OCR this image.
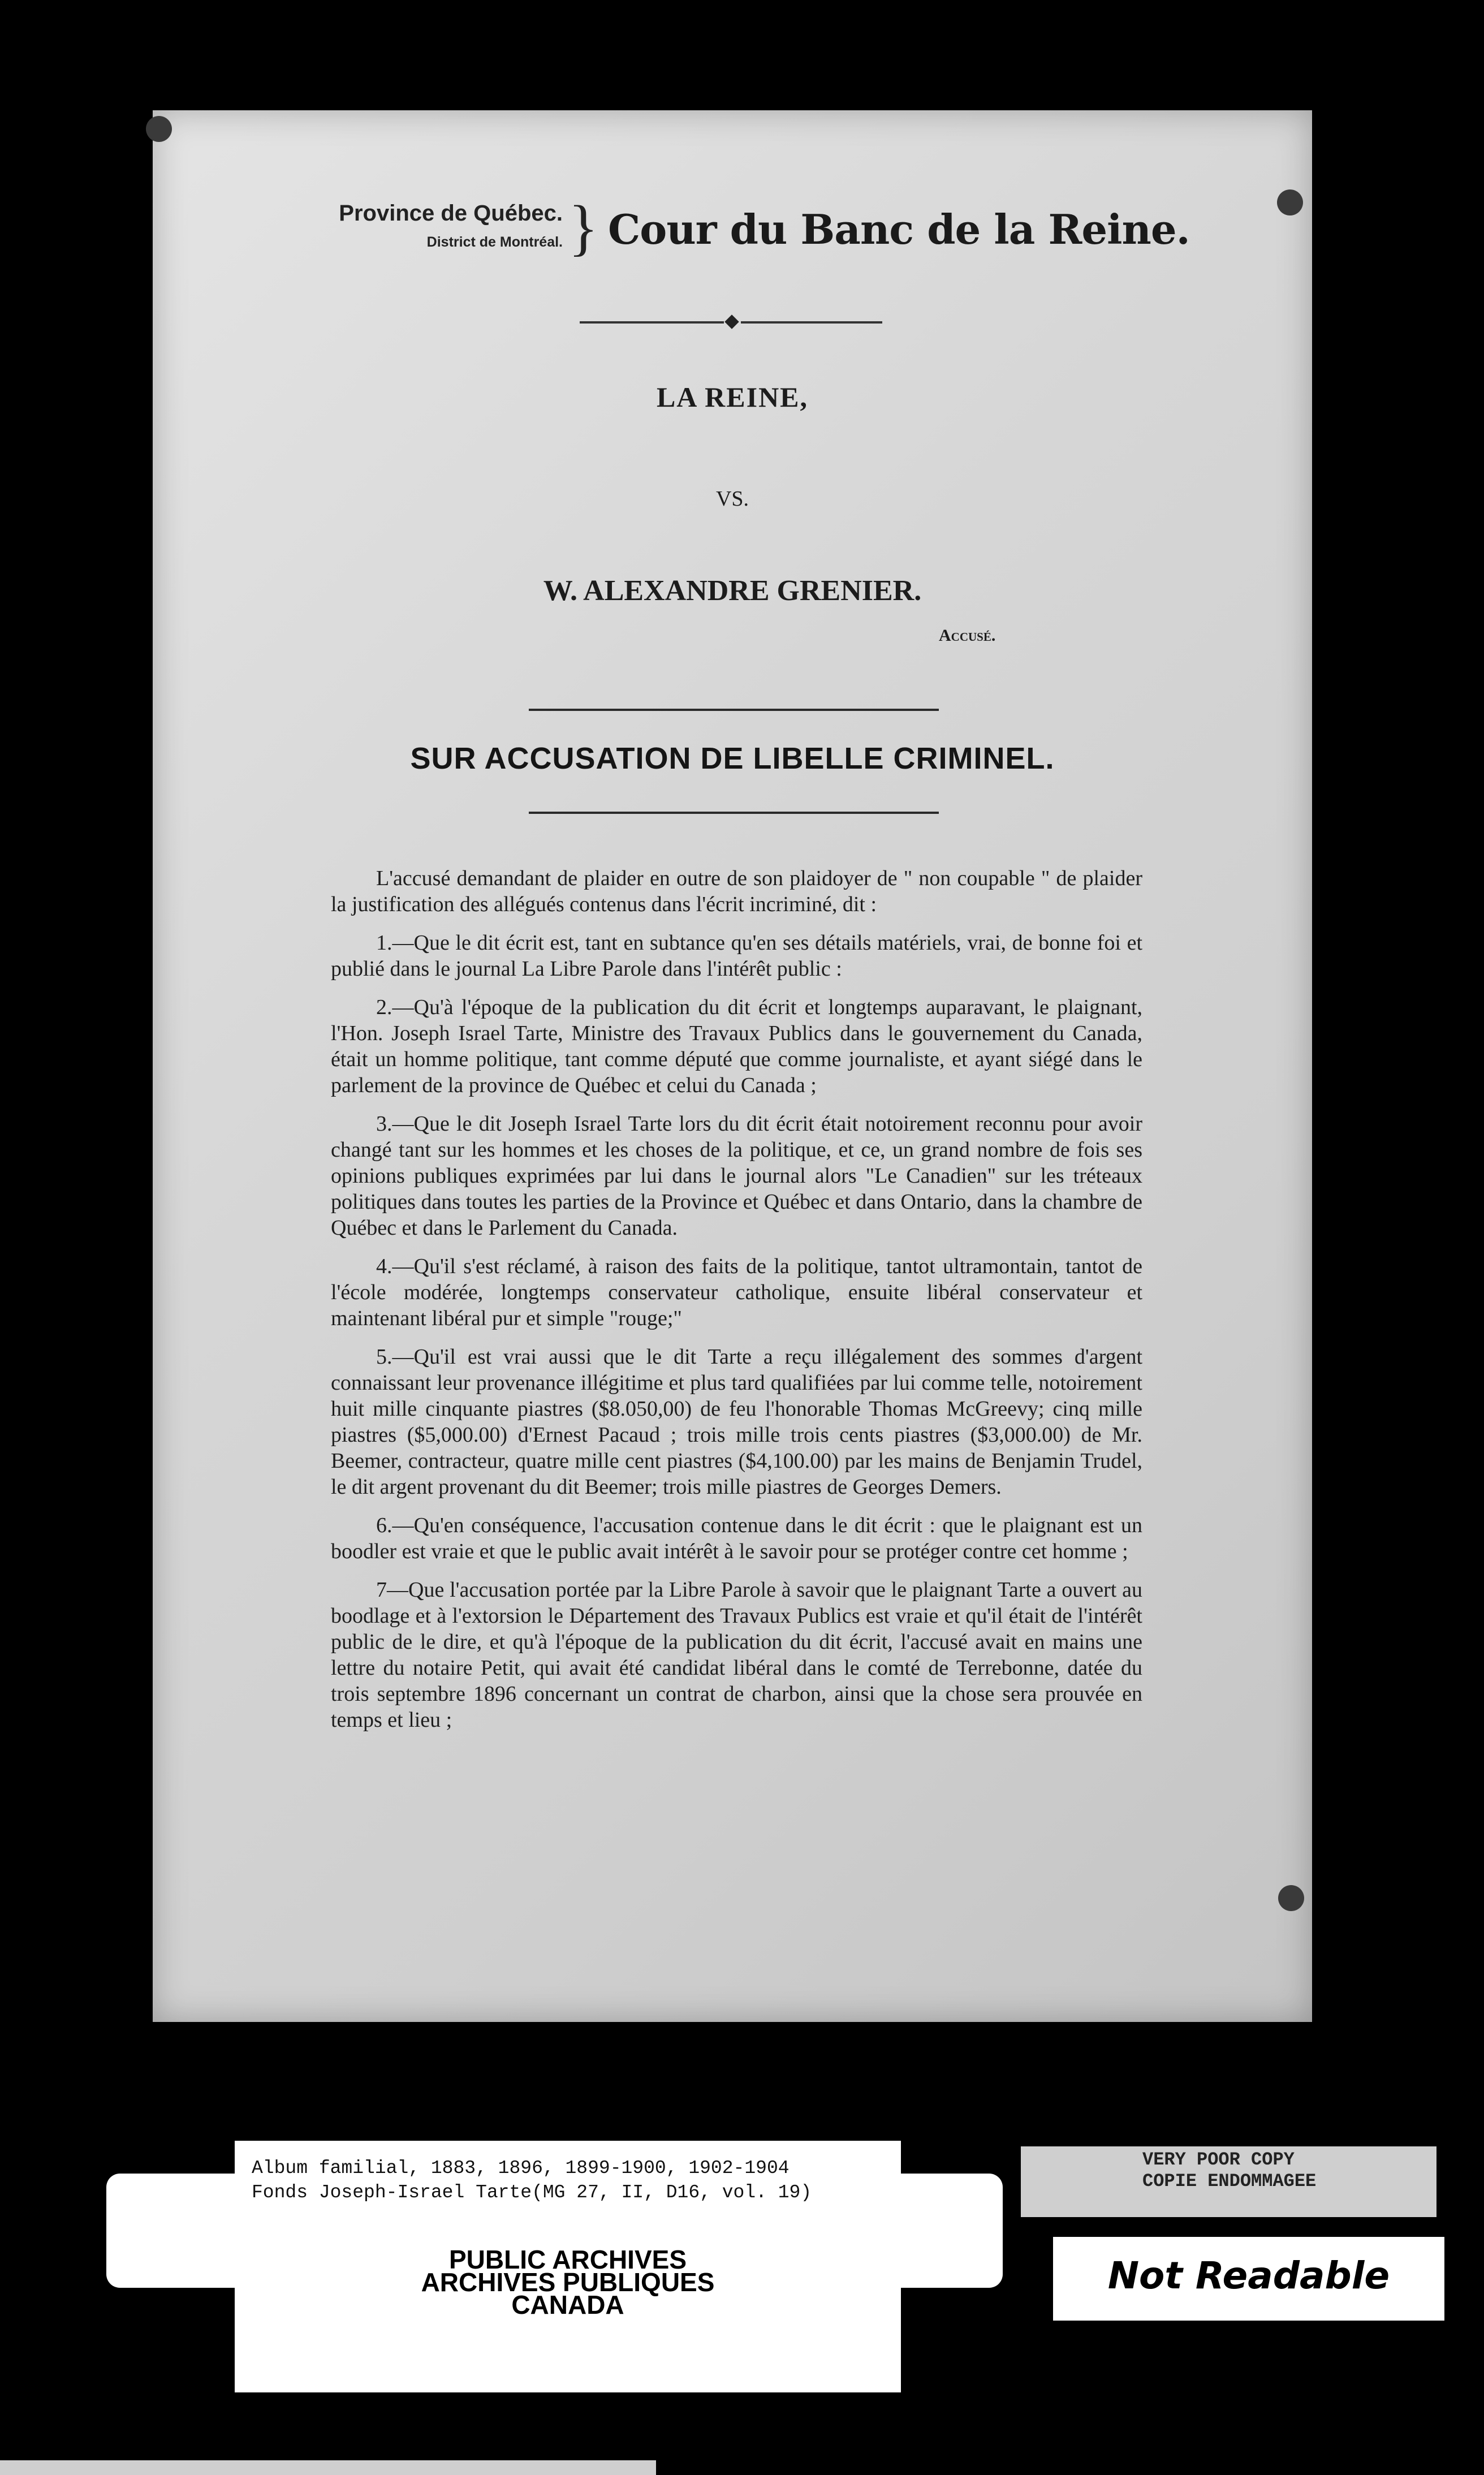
Province de Québec.
District de Montréal. } Cour du Banc de la Reine.
LA REINE,
VS.
W. ALEXANDRE GRENIER.
Accusé.
SUR ACCUSATION DE LIBELLE CRIMINEL.

L'accusé demandant de plaider en outre de son plaidoyer de " non coupable " de plaider la justification des allégués contenus dans l'écrit incriminé, dit :

1.—Que le dit écrit est, tant en subtance qu'en ses détails matériels, vrai, de bonne foi et publié dans le journal La Libre Parole dans l'intérêt public :

2.—Qu'à l'époque de la publication du dit écrit et longtemps auparavant, le plaignant, l'Hon. Joseph Israel Tarte, Ministre des Travaux Publics dans le gouvernement du Canada, était un homme politique, tant comme député que comme journaliste, et ayant siégé dans le parlement de la province de Québec et celui du Canada ;

3.—Que le dit Joseph Israel Tarte lors du dit écrit était notoirement reconnu pour avoir changé tant sur les hommes et les choses de la politique, et ce, un grand nombre de fois ses opinions publiques exprimées par lui dans le journal alors "Le Canadien" sur les tréteaux politiques dans toutes les parties de la Province et Québec et dans Ontario, dans la chambre de Québec et dans le Parlement du Canada.

4.—Qu'il s'est réclamé, à raison des faits de la politique, tantot ultramontain, tantot de l'école modérée, longtemps conservateur catholique, ensuite libéral conservateur et maintenant libéral pur et simple "rouge;"

5.—Qu'il est vrai aussi que le dit Tarte a reçu illégalement des sommes d'argent connaissant leur provenance illégitime et plus tard qualifiées par lui comme telle, notoirement huit mille cinquante piastres ($8.050,00) de feu l'honorable Thomas McGreevy; cinq mille piastres ($5,000.00) d'Ernest Pacaud ; trois mille trois cents piastres ($3,000.00) de Mr. Beemer, contracteur, quatre mille cent piastres ($4,100.00) par les mains de Benjamin Trudel, le dit argent provenant du dit Beemer; trois mille piastres de Georges Demers.

6.—Qu'en conséquence, l'accusation contenue dans le dit écrit : que le plaignant est un boodler est vraie et que le public avait intérêt à le savoir pour se protéger contre cet homme ;

7—Que l'accusation portée par la Libre Parole à savoir que le plaignant Tarte a ouvert au boodlage et à l'extorsion le Département des Travaux Publics est vraie et qu'il était de l'intérêt public de le dire, et qu'à l'époque de la publication du dit écrit, l'accusé avait en mains une lettre du notaire Petit, qui avait été candidat libéral dans le comté de Terrebonne, datée du trois septembre 1896 concernant un contrat de charbon, ainsi que la chose sera prouvée en temps et lieu ;

Album familial, 1883, 1896, 1899-1900, 1902-1904
Fonds Joseph-Israel Tarte(MG 27, II, D16, vol. 19)
PUBLIC ARCHIVES
ARCHIVES PUBLIQUES
CANADA
VERY POOR COPY
COPIE ENDOMMAGEE
Not Readable
